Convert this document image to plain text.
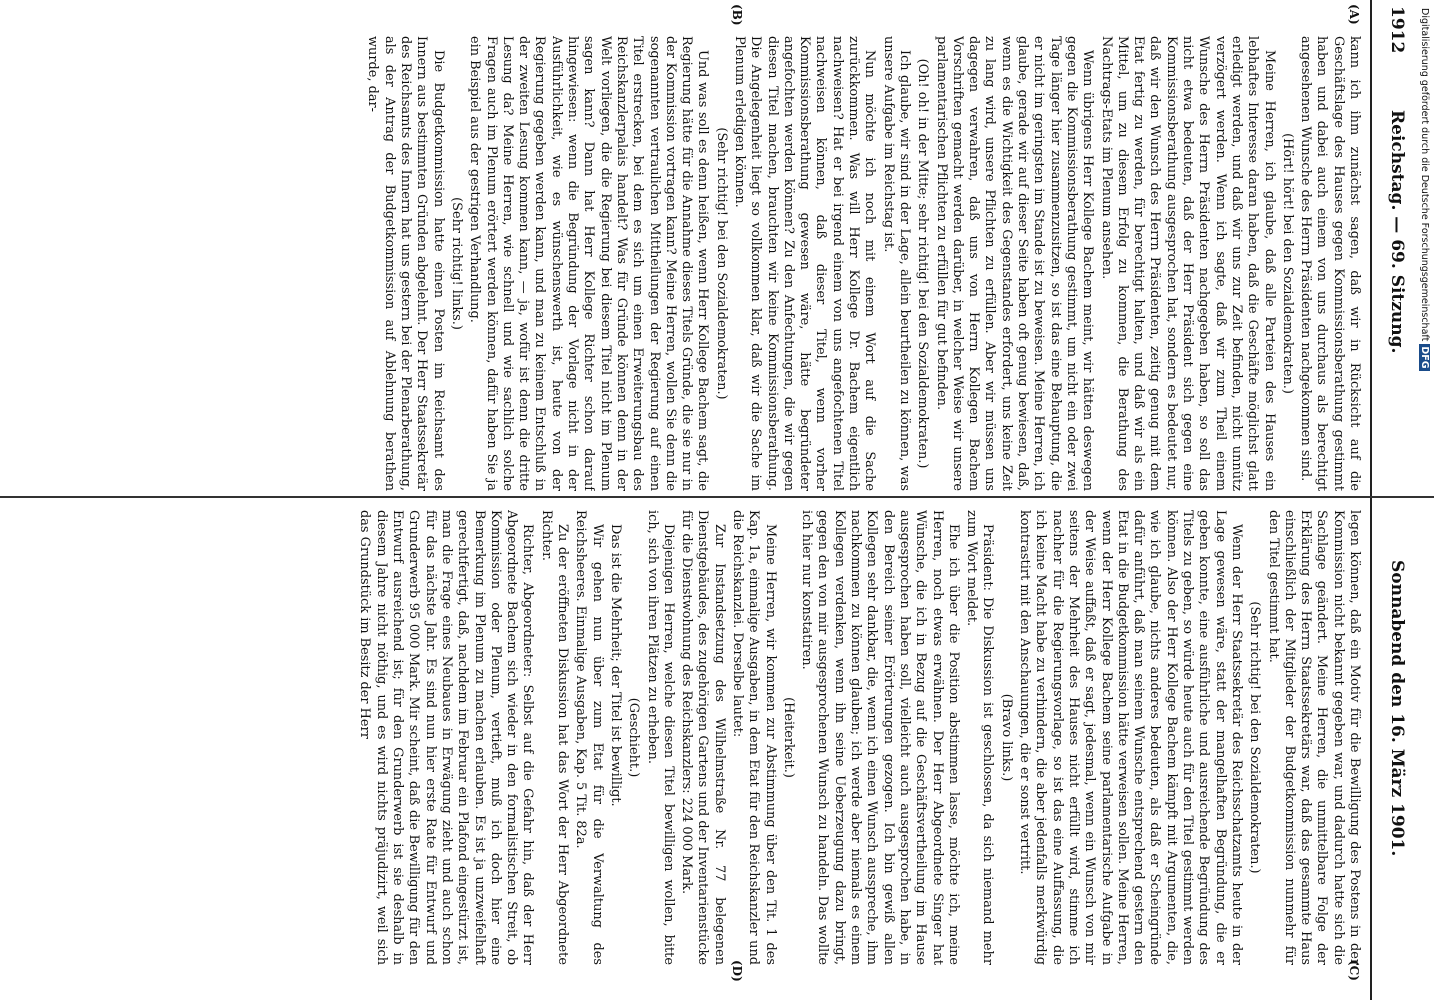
1912
Reichstag. — 69. Sitzung.
Sonnabend den 16. März 1901.
(A)
(B)
(C)
(D)

kann ich ihm zunächst sagen, daß wir in Rücksicht auf die Geschäftslage des Hauses gegen Kommissionsberathung gestimmt haben und dabei auch einem von uns durchaus als berechtigt angesehenen Wunsche des Herrn Präsidenten nachgekommen sind.

(Hört! hört! bei den Sozialdemokraten.)

Meine Herren, ich glaube, daß alle Parteien des Hauses ein lebhaftes Interesse daran haben, daß die Geschäfte möglichst glatt erledigt werden, und daß wir uns zur Zeit befinden, nicht unnütz verzögert werden. Wenn ich sagte, daß wir zum Theil einem Wunsche des Herrn Präsidenten nachgegeben haben, so soll das nicht etwa bedeuten, daß der Herr Präsident sich gegen eine Kommissionsberathung ausgesprochen hat, sondern es bedeutet nur, daß wir den Wunsch des Herrn Präsidenten, zeitig genug mit dem Etat fertig zu werden, für berechtigt halten, und daß wir als ein Mittel, um zu diesem Erfolg zu kommen, die Berathung des Nachtrags-Etats im Plenum ansehen.

Wenn übrigens Herr Kollege Bachem meint, wir hätten deswegen gegen die Kommissionsberathung gestimmt, um nicht ein oder zwei Tage länger hier zusammenzusitzen, so ist das eine Behauptung, die er nicht im geringsten im Stande ist zu beweisen. Meine Herren, ich glaube, gerade wir auf dieser Seite haben oft genug bewiesen, daß, wenn es die Wichtigkeit des Gegenstandes erfordert, uns keine Zeit zu lang wird, unsere Pflichten zu erfüllen. Aber wir müssen uns dagegen verwahren, daß uns von Herrn Kollegen Bachem Vorschriften gemacht werden darüber, in welcher Weise wir unsere parlamentarischen Pflichten zu erfüllen für gut befinden.

(Oh! oh! in der Mitte; sehr richtig! bei den Sozialdemokraten.)

Ich glaube, wir sind in der Lage, allein beurtheilen zu können, was unsere Aufgabe im Reichstag ist.

Nun möchte ich noch mit einem Wort auf die Sache zurückkommen. Was will Herr Kollege Dr. Bachem eigentlich nachweisen? Hat er bei irgend einem von uns angefochtenen Titel nachweisen können, daß dieser Titel, wenn vorher Kommissionsberathung gewesen wäre, hätte begründeter angefochten werden können? Zu den Anfechtungen, die wir gegen diesen Titel machen, brauchten wir keine Kommissionsberathung. Die Angelegenheit liegt so vollkommen klar, daß wir die Sache im Plenum erledigen können.

(Sehr richtig! bei den Sozialdemokraten.)

Und was soll es denn heißen, wenn Herr Kollege Bachem sagt, die Regierung hätte für die Annahme dieses Titels Gründe, die sie nur in der Kommission vortragen kann? Meine Herren, wollen Sie denn die sogenannten vertraulichen Mittheilungen der Regierung auf einen Titel erstrecken, bei dem es sich um einen Erweiterungsbau des Reichskanzlerpalais handelt? Was für Gründe können denn in der Welt vorliegen, die die Regierung bei diesem Titel nicht im Plenum sagen kann? Dann hat Herr Kollege Richter schon darauf hingewiesen: wenn die Begründung der Vorlage nicht in der Ausführlichkeit, wie es wünschenswerth ist, heute von der Regierung gegeben werden kann, und man zu keinem Entschluß in der zweiten Lesung kommen kann, — ja, wofür ist denn die dritte Lesung da? Meine Herren, wie schnell und wie sachlich solche Fragen auch im Plenum erörtert werden können, dafür haben Sie ja ein Beispiel aus der gestrigen Verhandlung.

(Sehr richtig! links.)

Die Budgetkommission hatte einen Posten im Reichsamt des Innern aus bestimmten Gründen abgelehnt. Der Herr Staatssekretär des Reichsamts des Innern hat uns gestern bei der Plenarberathung, als der Antrag der Budgetkommission auf Ablehnung berathen wurde, dar-

legen können, daß ein Motiv für die Bewilligung des Postens in der Kommission nicht bekannt gegeben war, und dadurch hatte sich die Sachlage geändert. Meine Herren, die unmittelbare Folge der Erklärung des Herrn Staatssekretärs war, daß das gesammte Haus einschließlich der Mitglieder der Budgetkommission nunmehr für den Titel gestimmt hat.

(Sehr richtig! bei den Sozialdemokraten.)

Wenn der Herr Staatssekretär des Reichsschatzamts heute in der Lage gewesen wäre, statt der mangelhaften Begründung, die er geben konnte, eine ausführliche und ausreichende Begründung des Titels zu geben, so würde heute auch für den Titel gestimmt werden können. Also der Herr Kollege Bachem kämpft mit Argumenten, die, wie ich glaube, nichts anderes bedeuten, als daß er Scheingründe dafür anführt, daß man seinem Wunsche entsprechend gestern den Etat in die Budgetkommission hätte verweisen sollen. Meine Herren, wenn der Herr Kollege Bachem seine parlamentarische Aufgabe in der Weise auffaßt, daß er sagt, jedesmal, wenn ein Wunsch von mir seitens der Mehrheit des Hauses nicht erfüllt wird, stimme ich nachher für die Regierungsvorlage, so ist das eine Auffassung, die ich keine Macht habe zu verhindern, die aber jedenfalls merkwürdig kontrastirt mit den Anschauungen, die er sonst vertritt.

(Bravo links.)

Präsident: Die Diskussion ist geschlossen, da sich niemand mehr zum Wort meldet.

Ehe ich über die Position abstimmen lasse, möchte ich, meine Herren, noch etwas erwähnen. Der Herr Abgeordnete Singer hat Wünsche, die ich in Bezug auf die Geschäftsvertheilung im Hause ausgesprochen haben soll, vielleicht auch ausgesprochen habe, in den Bereich seiner Erörterungen gezogen. Ich bin gewiß allen Kollegen sehr dankbar, die, wenn ich einen Wunsch ausspreche, ihm nachkommen zu können glauben; ich werde aber niemals es einem Kollegen verdenken, wenn ihn seine Ueberzeugung dazu bringt, gegen den von mir ausgesprochenen Wunsch zu handeln. Das wollte ich hier nur konstatiren.

(Heiterkeit.)

Meine Herren, wir kommen zur Abstimmung über den Tit. 1 des Kap. 1a, einmalige Ausgaben, in dem Etat für den Reichskanzler und die Reichskanzlei. Derselbe lautet:

Zur Instandsetzung des Wilhelmstraße Nr. 77 belegenen Dienstgebäudes, des zugehörigen Gartens und der Inventarienstücke für die Dienstwohnung des Reichskanzlers: 224 000 Mark.

Diejenigen Herren, welche diesen Titel bewilligen wollen, bitte ich, sich von ihren Plätzen zu erheben.

(Geschieht.)

Das ist die Mehrheit; der Titel ist bewilligt.

Wir gehen nun über zum Etat für die Verwaltung des Reichsheeres. Einmalige Ausgaben, Kap. 5 Tit. 82a.

Zu der eröffneten Diskussion hat das Wort der Herr Abgeordnete Richter.

Richter, Abgeordneter: Selbst auf die Gefahr hin, daß der Herr Abgeordnete Bachem sich wieder in den formalistischen Streit, ob Kommission oder Plenum, vertieft, muß ich doch hier eine Bemerkung im Plenum zu machen erlauben. Es ist ja unzweifelhaft gerechtfertigt, daß, nachdem im Februar ein Plafond eingestürzt ist, man die Frage eines Neubaues in Erwägung zieht und auch schon für das nächste Jahr. Es sind nun hier erste Rate für Entwurf und Grunderwerb 95 000 Mark. Mir scheint, daß die Bewilligung für den Entwurf ausreichend ist; für den Grunderwerb ist sie deshalb in diesem Jahre nicht nöthig, und es wird nichts präjudizirt, weil sich das Grundstück im Besitz der Herr

Digitalisierung gefördert durch die Deutsche ForschungsgemeinschaftDFG
